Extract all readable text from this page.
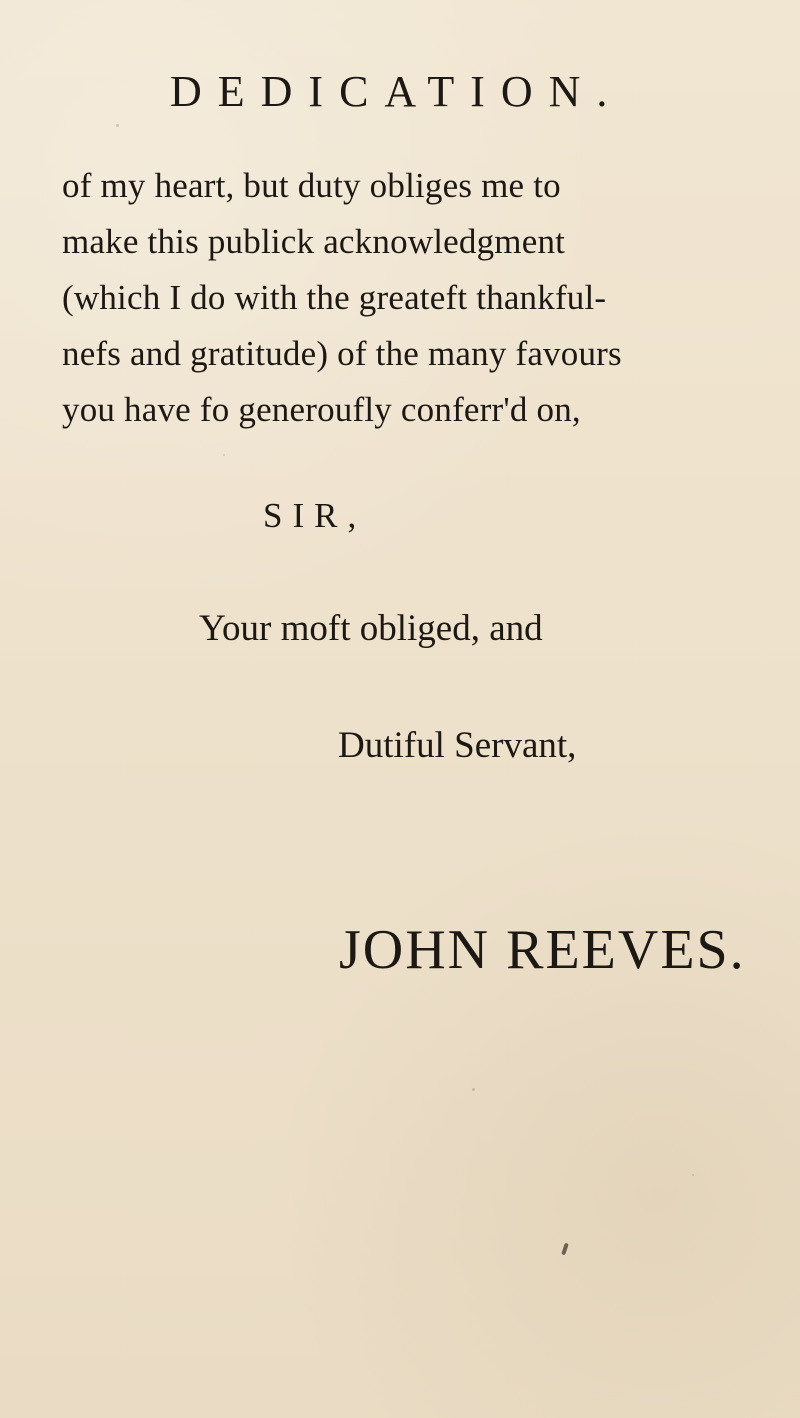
DEDICATION.

of my heart, but duty obliges me to
make this publick acknowledgment
(which I do with the greateft thankful-
nefs and gratitude) of the many favours
you have fo generoufly conferr'd on,

SIR,

Your moft obliged, and

Dutiful Servant,

JOHN REEVES.
